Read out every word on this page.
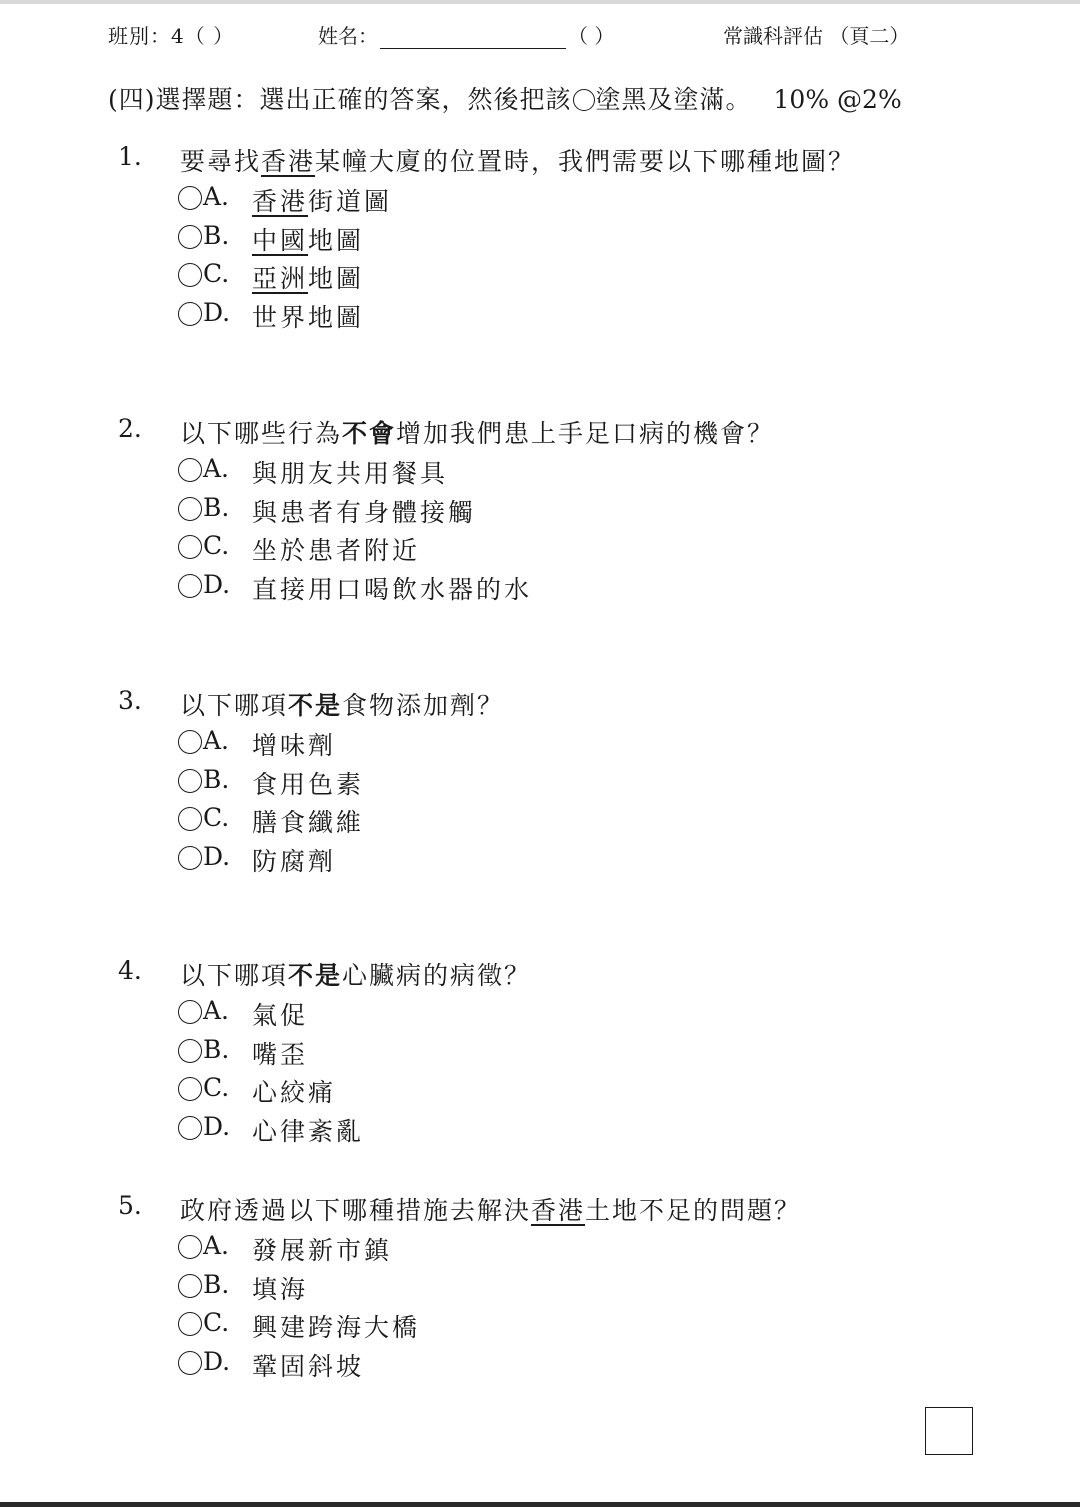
班別：4（ ）	姓名：	（ ）	常識科評估 （頁二）
(四)選擇題：選出正確的答案，然後把該 塗黑及塗滿。 10% @2%
1. 要尋找香港某幢大廈的位置時，我們需要以下哪種地圖？
A. 香港街道圖
B. 中國地圖
C. 亞洲地圖
D. 世界地圖
2. 以下哪些行為不會增加我們患上手足口病的機會？
A. 與朋友共用餐具
B. 與患者有身體接觸
C. 坐於患者附近
D. 直接用口喝飲水器的水
3. 以下哪項不是食物添加劑？
A. 增味劑
B. 食用色素
C. 膳食纖維
D. 防腐劑
4. 以下哪項不是心臟病的病徵？
A. 氣促
B. 嘴歪
C. 心絞痛
D. 心律紊亂
5. 政府透過以下哪種措施去解決香港土地不足的問題？
A. 發展新市鎮
B. 填海
C. 興建跨海大橋
D. 鞏固斜坡
